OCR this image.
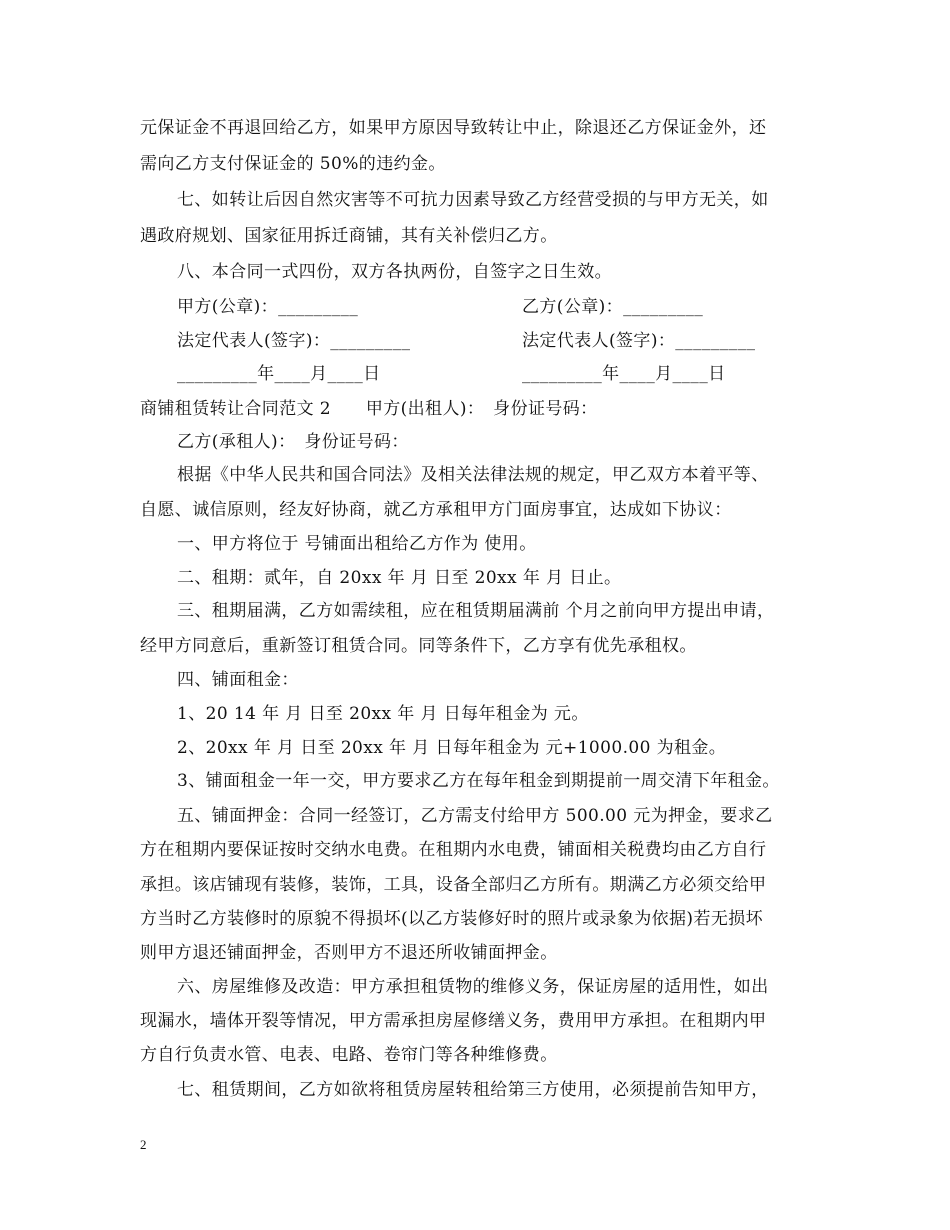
元保证金不再退回给乙方，如果甲方原因导致转让中止，除退还乙方保证金外，还
需向乙方支付保证金的 50%的违约金。
七、如转让后因自然灾害等不可抗力因素导致乙方经营受损的与甲方无关，如
遇政府规划、国家征用拆迁商铺，其有关补偿归乙方。
八、本合同一式四份，双方各执两份，自签字之日生效。
甲方(公章)：_________	乙方(公章)：_________
法定代表人(签字)：_________	法定代表人(签字)：_________
_________年____月____日	_________年____月____日
商铺租赁转让合同范文 2　　甲方(出租人)：　身份证号码：
乙方(承租人)：　身份证号码：
根据《中华人民共和国合同法》及相关法律法规的规定，甲乙双方本着平等、
自愿、诚信原则，经友好协商，就乙方承租甲方门面房事宜，达成如下协议：
一、甲方将位于 号铺面出租给乙方作为 使用。
二、租期：贰年，自 20xx 年 月 日至 20xx 年 月 日止。
三、租期届满，乙方如需续租，应在租赁期届满前 个月之前向甲方提出申请，
经甲方同意后，重新签订租赁合同。同等条件下，乙方享有优先承租权。
四、铺面租金：
1、20 14 年 月 日至 20xx 年 月 日每年租金为 元。
2、20xx 年 月 日至 20xx 年 月 日每年租金为 元+1000.00 为租金。
3、铺面租金一年一交，甲方要求乙方在每年租金到期提前一周交清下年租金。
五、铺面押金：合同一经签订，乙方需支付给甲方 500.00 元为押金，要求乙
方在租期内要保证按时交纳水电费。在租期内水电费，铺面相关税费均由乙方自行
承担。该店铺现有装修，装饰，工具，设备全部归乙方所有。期满乙方必须交给甲
方当时乙方装修时的原貌不得损坏(以乙方装修好时的照片或录象为依据)若无损坏
则甲方退还铺面押金，否则甲方不退还所收铺面押金。
六、房屋维修及改造：甲方承担租赁物的维修义务，保证房屋的适用性，如出
现漏水，墙体开裂等情况，甲方需承担房屋修缮义务，费用甲方承担。在租期内甲
方自行负责水管、电表、电路、卷帘门等各种维修费。
七、租赁期间，乙方如欲将租赁房屋转租给第三方使用，必须提前告知甲方，
2
